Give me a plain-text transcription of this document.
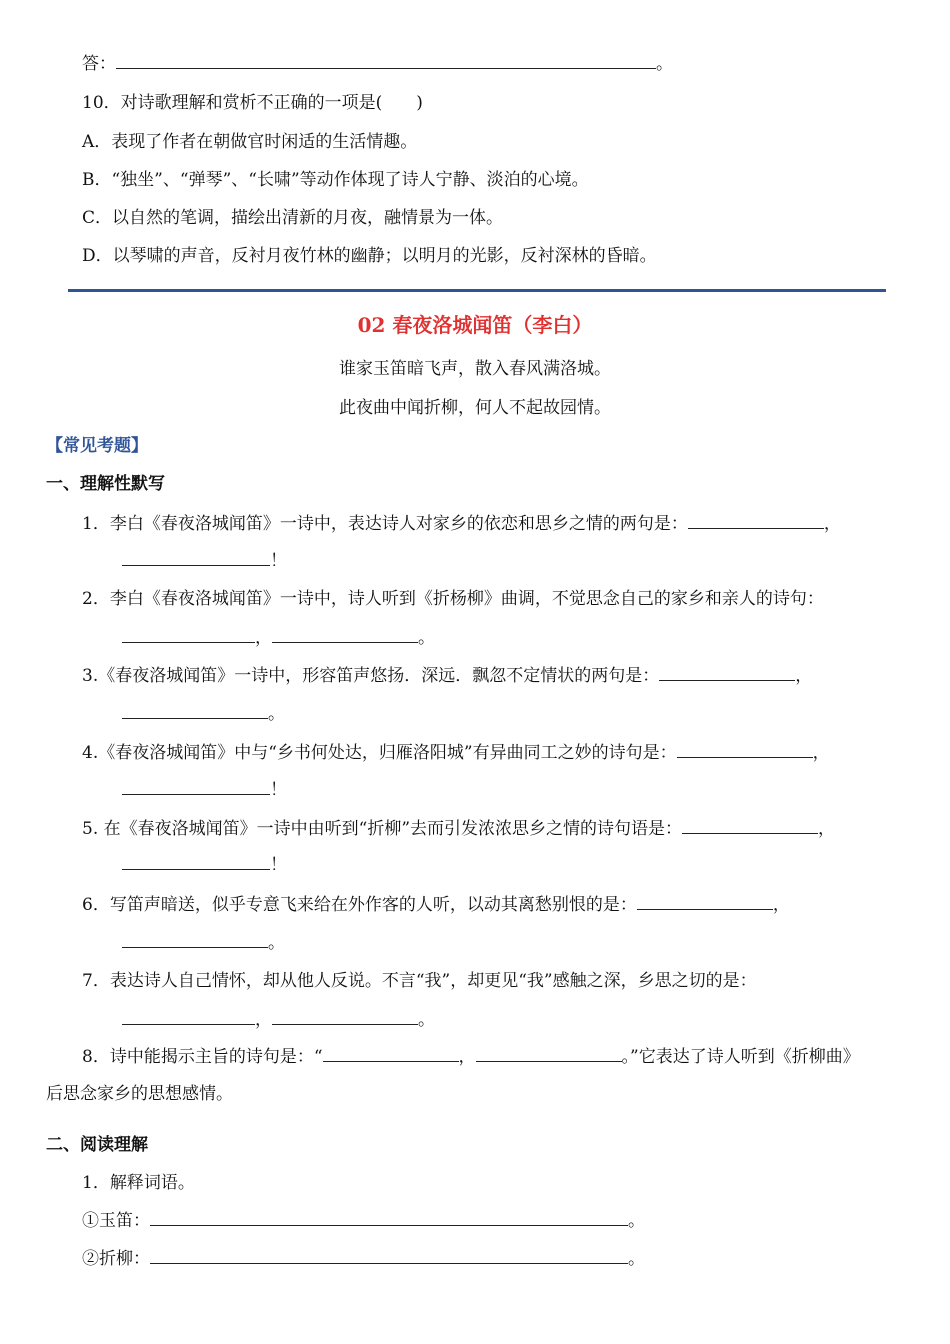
答：	。
10．对诗歌理解和赏析不正确的一项是(　　)
A．表现了作者在朝做官时闲适的生活情趣。
B．“独坐”、“弹琴”、“长啸”等动作体现了诗人宁静、淡泊的心境。
C．以自然的笔调，描绘出清新的月夜，融情景为一体。
D．以琴啸的声音，反衬月夜竹林的幽静；以明月的光影，反衬深林的昏暗。
02 春夜洛城闻笛（李白）
谁家玉笛暗飞声，散入春风满洛城。
此夜曲中闻折柳，何人不起故园情。
【常见考题】
一、理解性默写
1．李白《春夜洛城闻笛》一诗中，表达诗人对家乡的依恋和思乡之情的两句是：	，
！
2．李白《春夜洛城闻笛》一诗中，诗人听到《折杨柳》曲调，不觉思念自己的家乡和亲人的诗句：
，	。
3.《春夜洛城闻笛》一诗中，形容笛声悠扬．深远．飘忽不定情状的两句是：	，
。
4.《春夜洛城闻笛》中与“乡书何处达，归雁洛阳城”有异曲同工之妙的诗句是：	，
！
5. 在《春夜洛城闻笛》一诗中由听到“折柳”去而引发浓浓思乡之情的诗句语是：	，
！
6．写笛声暗送，似乎专意飞来给在外作客的人听，以动其离愁别恨的是：	，
。
7．表达诗人自己情怀，却从他人反说。不言“我”，却更见“我”感触之深，乡思之切的是：
，	。
8．诗中能揭示主旨的诗句是：“	，	。”它表达了诗人听到《折柳曲》
后思念家乡的思想感情。
二、阅读理解
1．解释词语。
①玉笛：	。
②折柳：	。
